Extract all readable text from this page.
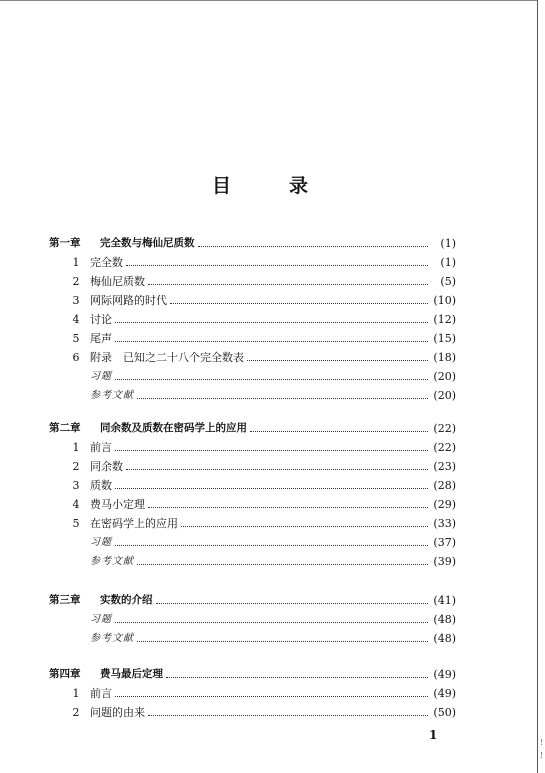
目	录
第一章 完全数与梅仙尼质数	(1)
1 完全数	(1)
2 梅仙尼质数	(5)
3 网际网路的时代	(10)
4 讨论	(12)
5 尾声	(15)
6 附录　已知之二十八个完全数表	(18)
习题	(20)
参考文献	(20)
第二章 同余数及质数在密码学上的应用	(22)
1 前言	(22)
2 同余数	(23)
3 质数	(28)
4 费马小定理	(29)
5 在密码学上的应用	(33)
习题	(37)
参考文献	(39)
第三章 实数的介绍	(41)
习题	(48)
参考文献	(48)
第四章 费马最后定理	(49)
1 前言	(49)
2 问题的由来	(50)
1
!
!
